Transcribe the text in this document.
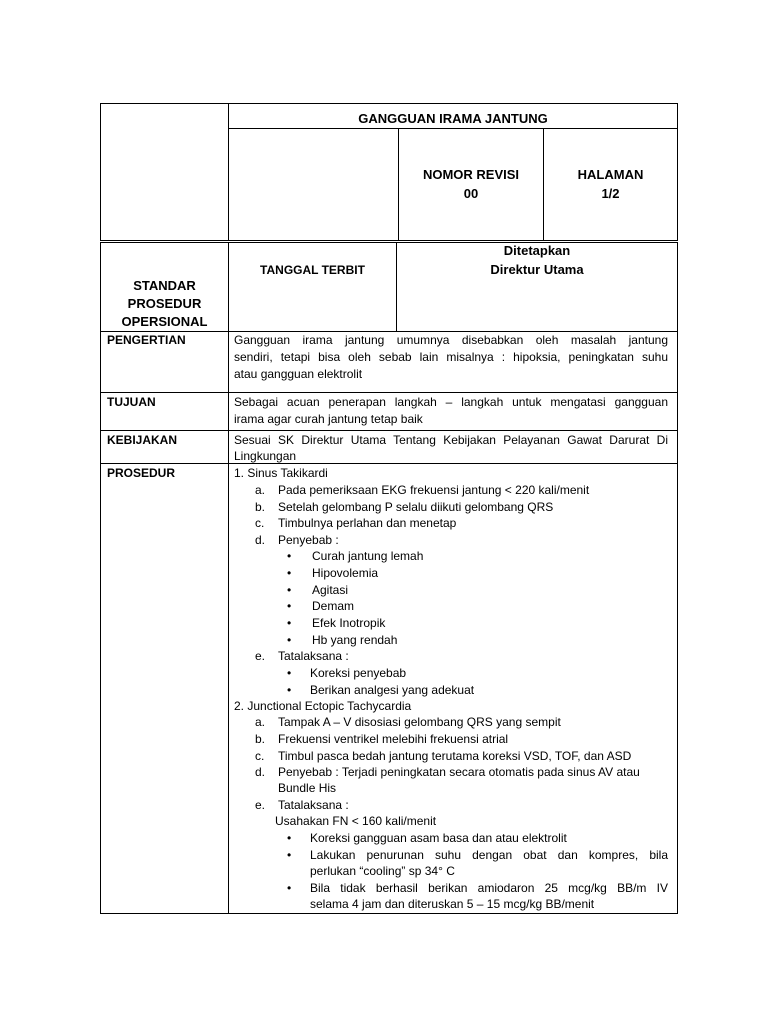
GANGGUAN IRAMA JANTUNG
NOMOR REVISI
00
HALAMAN
1/2
STANDAR
PROSEDUR
OPERSIONAL
TANGGAL TERBIT
Ditetapkan
Direktur Utama
PENGERTIAN
TUJUAN
KEBIJAKAN
PROSEDUR
Gangguan irama jantung umumnya disebabkan oleh masalah jantung
sendiri, tetapi bisa oleh sebab lain misalnya : hipoksia, peningkatan suhu
atau gangguan elektrolit
Sebagai acuan penerapan langkah – langkah untuk mengatasi gangguan
irama agar curah jantung tetap baik
Sesuai SK Direktur Utama Tentang Kebijakan Pelayanan Gawat Darurat Di
Lingkungan
1. Sinus Takikardi
a. Pada pemeriksaan EKG frekuensi jantung < 220 kali/menit
b. Setelah gelombang P selalu diikuti gelombang QRS
c. Timbulnya perlahan dan menetap
d. Penyebab :
• Curah jantung lemah
• Hipovolemia
• Agitasi
• Demam
• Efek Inotropik
• Hb yang rendah
e. Tatalaksana :
• Koreksi penyebab
• Berikan analgesi yang adekuat
2. Junctional Ectopic Tachycardia
a. Tampak A – V disosiasi gelombang QRS yang sempit
b. Frekuensi ventrikel melebihi frekuensi atrial
c. Timbul pasca bedah jantung terutama koreksi VSD, TOF, dan ASD
d. Penyebab : Terjadi peningkatan secara otomatis pada sinus AV atau
Bundle His
e. Tatalaksana :
Usahakan FN < 160 kali/menit
• Koreksi gangguan asam basa dan atau elektrolit
• Lakukan penurunan suhu dengan obat dan kompres, bila
perlukan “cooling” sp 34° C
• Bila tidak berhasil berikan amiodaron 25 mcg/kg BB/m IV
selama 4 jam dan diteruskan 5 – 15 mcg/kg BB/menit
